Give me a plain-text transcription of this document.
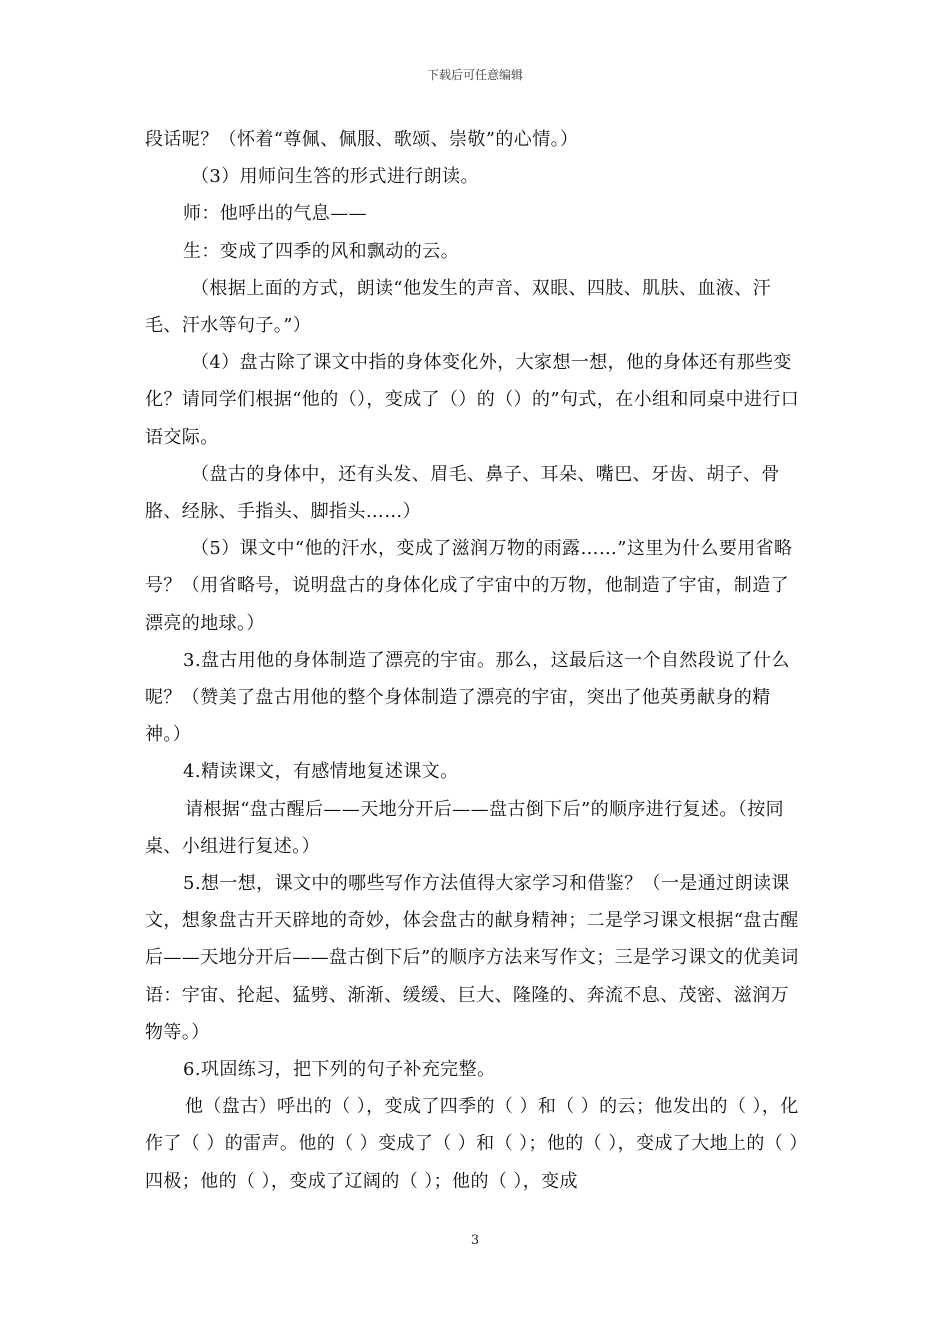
下载后可任意编辑

段话呢？（怀着“尊佩、佩服、歌颂、崇敬”的心情。）

（3）用师问生答的形式进行朗读。

师：他呼出的气息——

生：变成了四季的风和飘动的云。

（根据上面的方式，朗读“他发生的声音、双眼、四肢、肌肤、血液、汗毛、汗水等句子。”）

（4）盘古除了课文中指的身体变化外，大家想一想，他的身体还有那些变化？请同学们根据“他的（），变成了（）的（）的”句式，在小组和同桌中进行口语交际。

（盘古的身体中，还有头发、眉毛、鼻子、耳朵、嘴巴、牙齿、胡子、骨胳、经脉、手指头、脚指头……）

（5）课文中“他的汗水，变成了滋润万物的雨露……”这里为什么要用省略号？（用省略号，说明盘古的身体化成了宇宙中的万物，他制造了宇宙，制造了漂亮的地球。）

3.盘古用他的身体制造了漂亮的宇宙。那么，这最后这一个自然段说了什么呢？（赞美了盘古用他的整个身体制造了漂亮的宇宙，突出了他英勇献身的精神。）

4.精读课文，有感情地复述课文。

请根据“盘古醒后——天地分开后——盘古倒下后”的顺序进行复述。（按同桌、小组进行复述。）

5.想一想，课文中的哪些写作方法值得大家学习和借鉴？（一是通过朗读课文，想象盘古开天辟地的奇妙，体会盘古的献身精神；二是学习课文根据“盘古醒后——天地分开后——盘古倒下后”的顺序方法来写作文；三是学习课文的优美词语：宇宙、抡起、猛劈、渐渐、缓缓、巨大、隆隆的、奔流不息、茂密、滋润万物等。）

6.巩固练习，把下列的句子补充完整。

他（盘古）呼出的（ ），变成了四季的（ ）和（ ）的云；他发出的（ ），化作了（ ）的雷声。他的（ ）变成了（ ）和（ ）；他的（ ），变成了大地上的（ ）四极；他的（ ），变成了辽阔的（ ）；他的（ ），变成

3
